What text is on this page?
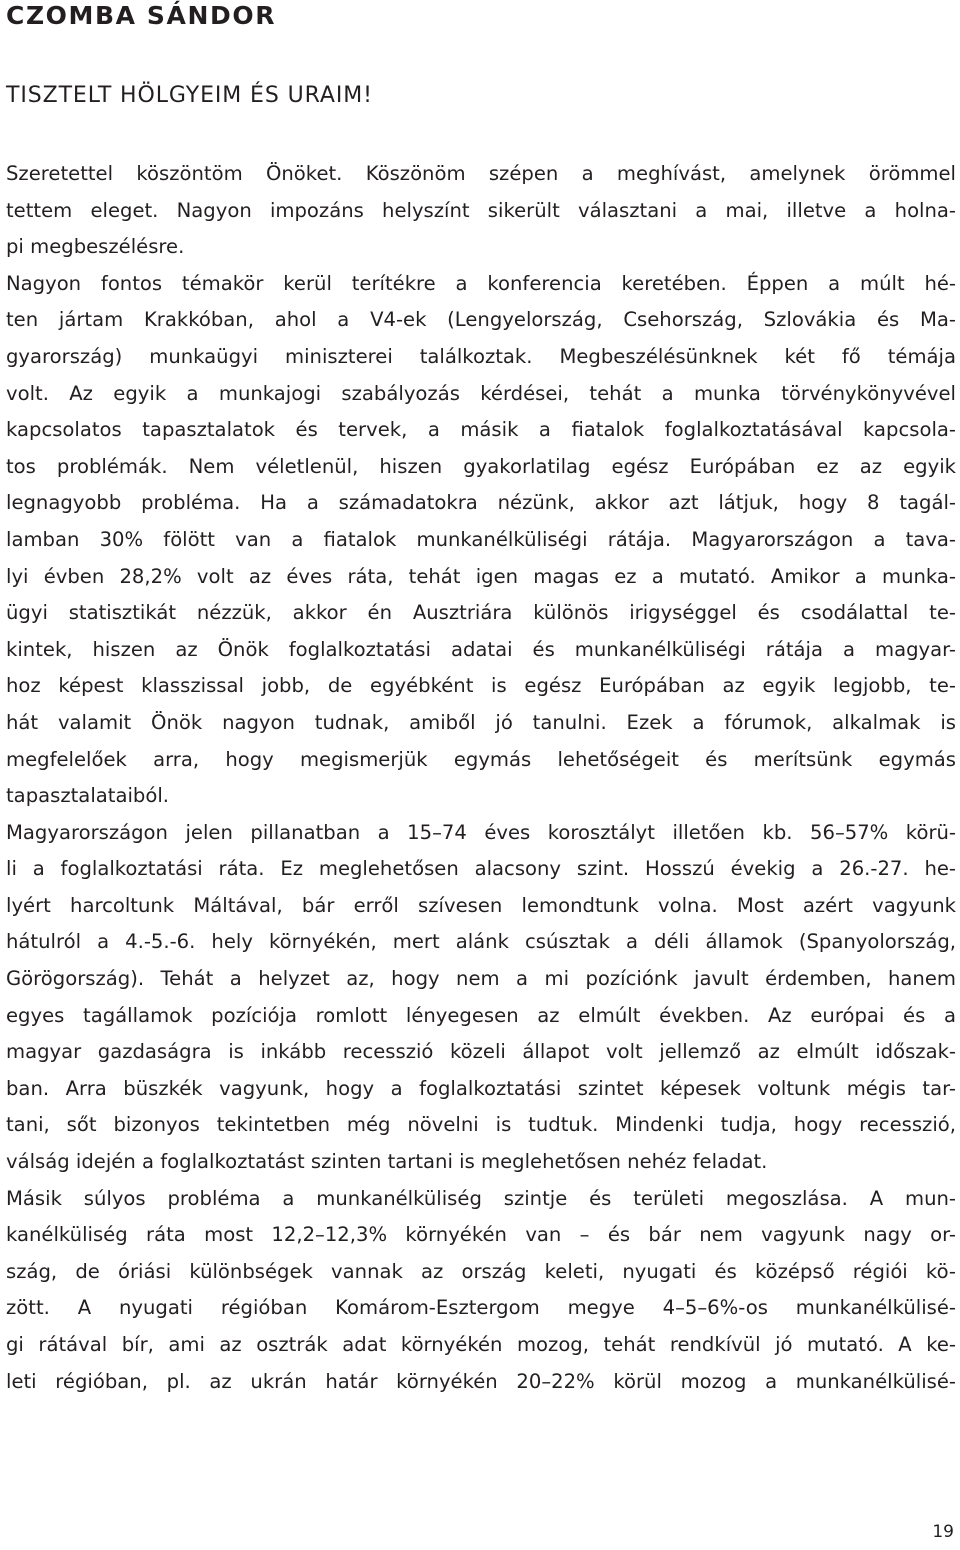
CZOMBA SÁNDOR
TISZTELT HÖLGYEIM ÉS URAIM!
Szeretettel köszöntöm Önöket. Köszönöm szépen a meghívást, amelynek örömmel
tettem eleget. Nagyon impozáns helyszínt sikerült választani a mai, illetve a holna-
pi megbeszélésre.
Nagyon fontos témakör kerül terítékre a konferencia keretében. Éppen a múlt hé-
ten jártam Krakkóban, ahol a V4-ek (Lengyelország, Csehország, Szlovákia és Ma-
gyarország) munkaügyi miniszterei találkoztak. Megbeszélésünknek két fő témája
volt. Az egyik a munkajogi szabályozás kérdései, tehát a munka törvénykönyvével
kapcsolatos tapasztalatok és tervek, a másik a fiatalok foglalkoztatásával kapcsola-
tos problémák. Nem véletlenül, hiszen gyakorlatilag egész Európában ez az egyik
legnagyobb probléma. Ha a számadatokra nézünk, akkor azt látjuk, hogy 8 tagál-
lamban 30% fölött van a fiatalok munkanélküliségi rátája. Magyarországon a tava-
lyi évben 28,2% volt az éves ráta, tehát igen magas ez a mutató. Amikor a munka-
ügyi statisztikát nézzük, akkor én Ausztriára különös irigységgel és csodálattal te-
kintek, hiszen az Önök foglalkoztatási adatai és munkanélküliségi rátája a magyar-
hoz képest klasszissal jobb, de egyébként is egész Európában az egyik legjobb, te-
hát valamit Önök nagyon tudnak, amiből jó tanulni. Ezek a fórumok, alkalmak is
megfelelőek arra, hogy megismerjük egymás lehetőségeit és merítsünk egymás
tapasztalataiból.
Magyarországon jelen pillanatban a 15–74 éves korosztályt illetően kb. 56–57% körü-
li a foglalkoztatási ráta. Ez meglehetősen alacsony szint. Hosszú évekig a 26.-27. he-
lyért harcoltunk Máltával, bár erről szívesen lemondtunk volna. Most azért vagyunk
hátulról a 4.-5.-6. hely környékén, mert alánk csúsztak a déli államok (Spanyolország,
Görögország). Tehát a helyzet az, hogy nem a mi pozíciónk javult érdemben, hanem
egyes tagállamok pozíciója romlott lényegesen az elmúlt években. Az európai és a
magyar gazdaságra is inkább recesszió közeli állapot volt jellemző az elmúlt időszak-
ban. Arra büszkék vagyunk, hogy a foglalkoztatási szintet képesek voltunk mégis tar-
tani, sőt bizonyos tekintetben még növelni is tudtuk. Mindenki tudja, hogy recesszió,
válság idején a foglalkoztatást szinten tartani is meglehetősen nehéz feladat.
Másik súlyos probléma a munkanélküliség szintje és területi megoszlása. A mun-
kanélküliség ráta most 12,2–12,3% környékén van – és bár nem vagyunk nagy or-
szág, de óriási különbségek vannak az ország keleti, nyugati és középső régiói kö-
zött. A nyugati régióban Komárom-Esztergom megye 4–5–6%-os munkanélkülisé-
gi rátával bír, ami az osztrák adat környékén mozog, tehát rendkívül jó mutató. A ke-
leti régióban, pl. az ukrán határ környékén 20–22% körül mozog a munkanélkülisé-
19
